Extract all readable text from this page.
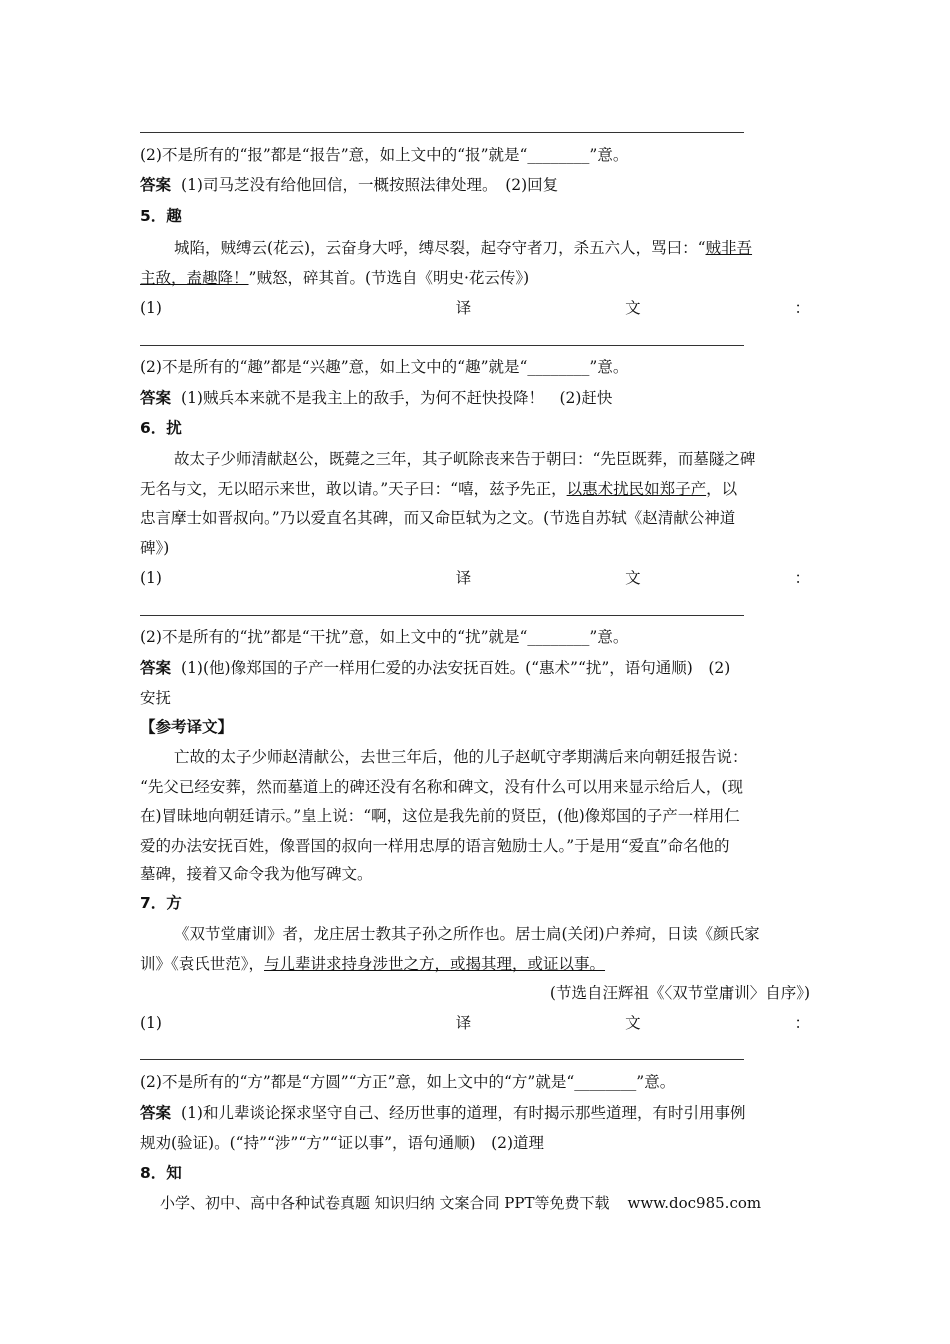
(2)不是所有的“报”都是“报告”意，如上文中的“报”就是“________”意。
答案 (1)司马芝没有给他回信，一概按照法律处理。　(2)回复
5．趣
城陷，贼缚云(花云)，云奋身大呼，缚尽裂，起夺守者刀，杀五六人，骂曰：“贼非吾
主敌，盍趣降！”贼怒，碎其首。(节选自《明史·花云传》)
(1)	译	文	：
(2)不是所有的“趣”都是“兴趣”意，如上文中的“趣”就是“________”意。
答案 (1)贼兵本来就不是我主上的敌手，为何不赶快投降！　(2)赶快
6．扰
故太子少师清献赵公，既薨之三年，其子屼除丧来告于朝曰：“先臣既葬，而墓隧之碑
无名与文，无以昭示来世，敢以请。”天子曰：“嘻，兹予先正，以惠术扰民如郑子产，以
忠言摩士如晋叔向。”乃以爱直名其碑，而又命臣轼为之文。(节选自苏轼《赵清献公神道
碑》)
(1)	译	文	：
(2)不是所有的“扰”都是“干扰”意，如上文中的“扰”就是“________”意。
答案 (1)(他)像郑国的子产一样用仁爱的办法安抚百姓。(“惠术”“扰”，语句通顺)　(2)
安抚
【参考译文】
亡故的太子少师赵清献公，去世三年后，他的儿子赵屼守孝期满后来向朝廷报告说：
“先父已经安葬，然而墓道上的碑还没有名称和碑文，没有什么可以用来显示给后人，(现
在)冒昧地向朝廷请示。”皇上说：“啊，这位是我先前的贤臣，(他)像郑国的子产一样用仁
爱的办法安抚百姓，像晋国的叔向一样用忠厚的语言勉励士人。”于是用“爱直”命名他的
墓碑，接着又命令我为他写碑文。
7．方
《双节堂庸训》者，龙庄居士教其子孙之所作也。居士扃(关闭)户养疴，日读《颜氏家
训》《袁氏世范》，与儿辈讲求持身涉世之方，或揭其理，或证以事。
(节选自汪辉祖《〈双节堂庸训〉自序》)
(1)	译	文	：
(2)不是所有的“方”都是“方圆”“方正”意，如上文中的“方”就是“________”意。
答案 (1)和儿辈谈论探求坚守自己、经历世事的道理，有时揭示那些道理，有时引用事例
规劝(验证)。(“持”“涉”“方”“证以事”，语句通顺)　(2)道理
8．知
小学、初中、高中各种试卷真题 知识归纳 文案合同 PPT等免费下载 www.doc985.com
